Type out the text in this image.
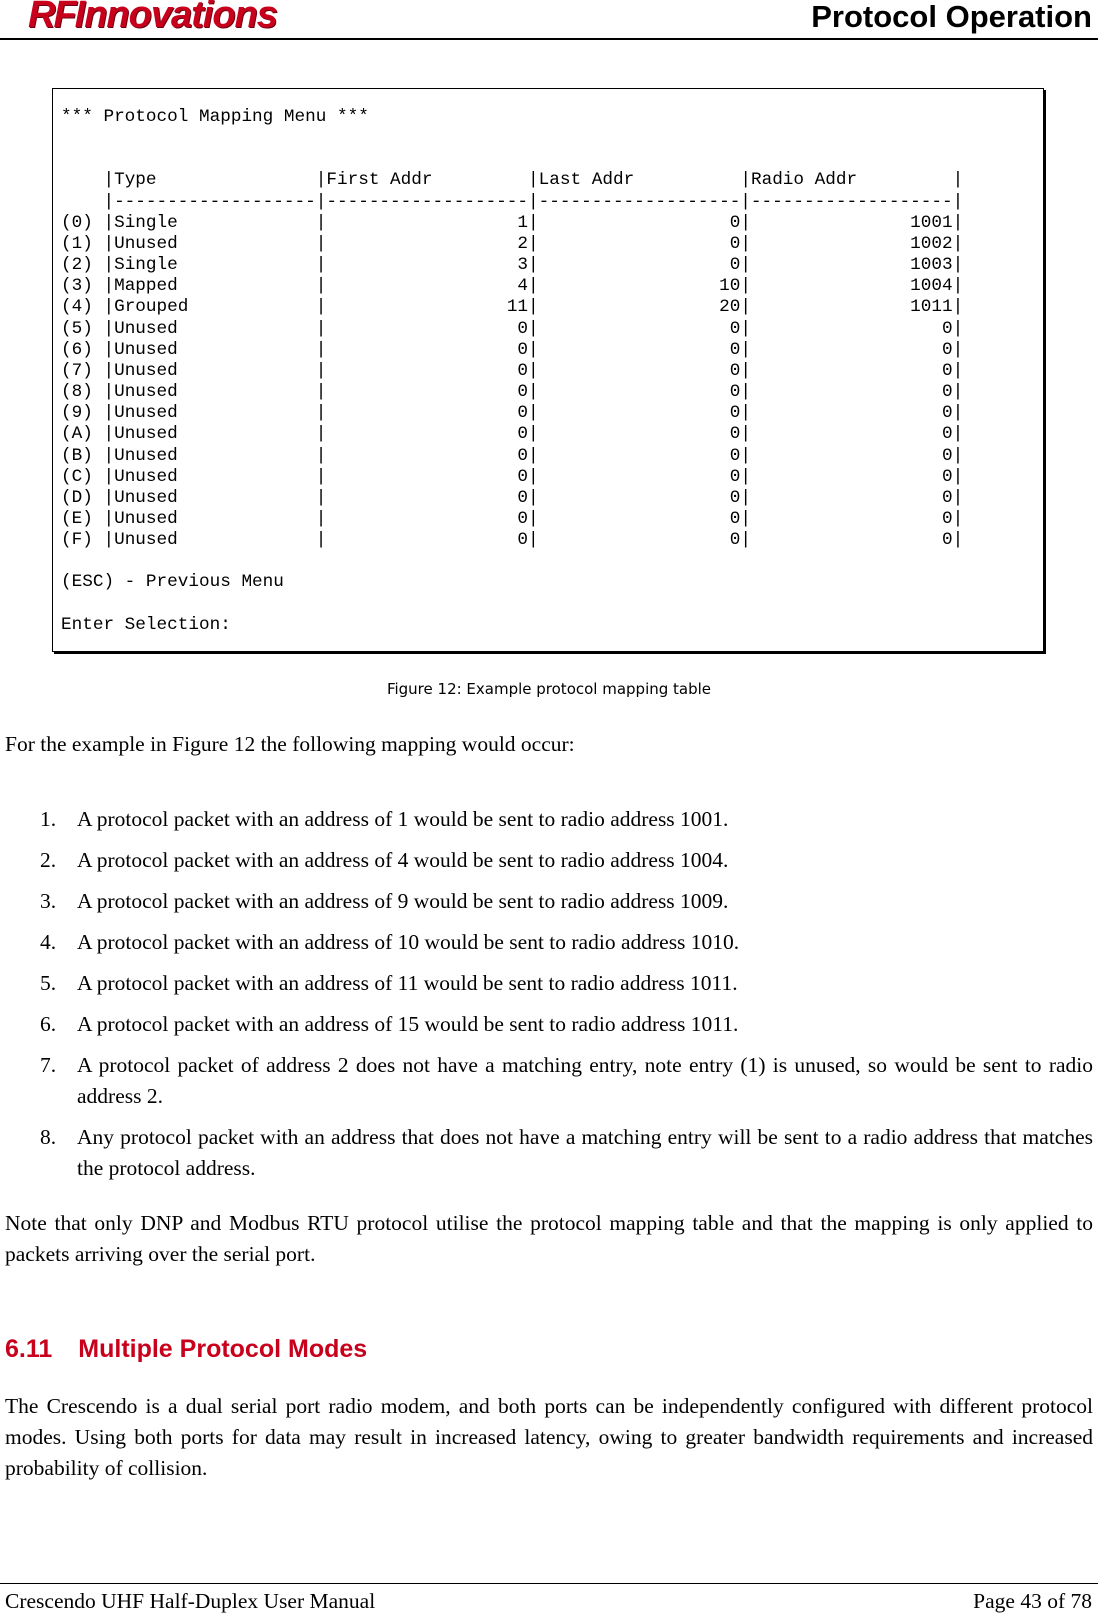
RFInnovations	Protocol Operation
*** Protocol Mapping Menu ***

|Type               |First Addr         |Last Addr          |Radio Addr         |
|-------------------|-------------------|-------------------|-------------------|
(0) |Single             |                  1|                  0|               1001|
(1) |Unused             |                  2|                  0|               1002|
(2) |Single             |                  3|                  0|               1003|
(3) |Mapped             |                  4|                 10|               1004|
(4) |Grouped            |                 11|                 20|               1011|
(5) |Unused             |                  0|                  0|                  0|
(6) |Unused             |                  0|                  0|                  0|
(7) |Unused             |                  0|                  0|                  0|
(8) |Unused             |                  0|                  0|                  0|
(9) |Unused             |                  0|                  0|                  0|
(A) |Unused             |                  0|                  0|                  0|
(B) |Unused             |                  0|                  0|                  0|
(C) |Unused             |                  0|                  0|                  0|
(D) |Unused             |                  0|                  0|                  0|
(E) |Unused             |                  0|                  0|                  0|
(F) |Unused             |                  0|                  0|                  0|

(ESC) - Previous Menu

Enter Selection:
Figure 12: Example protocol mapping table
For the example in Figure 12 the following mapping would occur:
1. A protocol packet with an address of 1 would be sent to radio address 1001.
2. A protocol packet with an address of 4 would be sent to radio address 1004.
3. A protocol packet with an address of 9 would be sent to radio address 1009.
4. A protocol packet with an address of 10 would be sent to radio address 1010.
5. A protocol packet with an address of 11 would be sent to radio address 1011.
6. A protocol packet with an address of 15 would be sent to radio address 1011.
7. A protocol packet of address 2 does not have a matching entry, note entry (1) is unused, so would be sent to radio address 2.
8. Any protocol packet with an address that does not have a matching entry will be sent to a radio address that matches the protocol address.
Note that only DNP and Modbus RTU protocol utilise the protocol mapping table and that the mapping is only applied to packets arriving over the serial port.
6.11 Multiple Protocol Modes
The Crescendo is a dual serial port radio modem, and both ports can be independently configured with different protocol modes. Using both ports for data may result in increased latency, owing to greater bandwidth requirements and increased probability of collision.
Crescendo UHF Half-Duplex User Manual	Page 43 of 78
